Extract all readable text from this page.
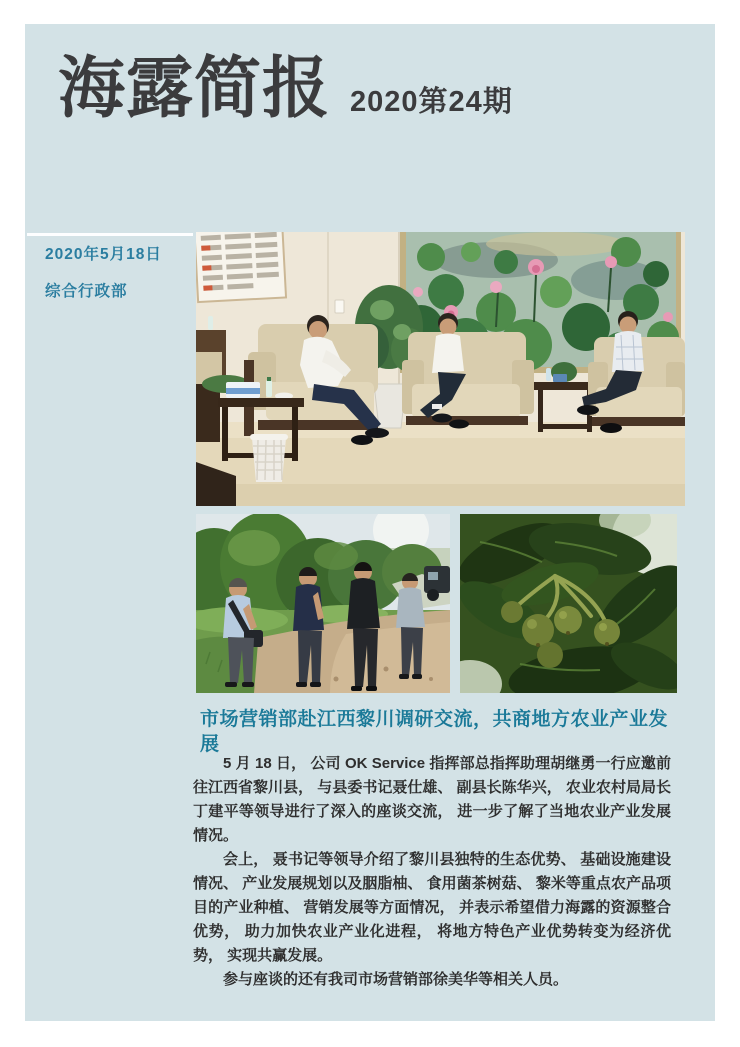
海露简报 2020第24期
2020年5月18日
综合行政部
市场营销部赴江西黎川调研交流，共商地方农业产业发展

5 月 18 日， 公司 OK Service 指挥部总指挥助理胡继勇一行应邀前往江西省黎川县， 与县委书记聂仕雄、 副县长陈华兴， 农业农村局局长丁建平等领导进行了深入的座谈交流， 进一步了解了当地农业产业发展情况。

会上， 聂书记等领导介绍了黎川县独特的生态优势、 基础设施建设情况、 产业发展规划以及胭脂柚、 食用菌茶树菇、 黎米等重点农产品项目的产业种植、 营销发展等方面情况， 并表示希望借力海露的资源整合优势， 助力加快农业产业化进程， 将地方特色产业优势转变为经济优势， 实现共赢发展。

参与座谈的还有我司市场营销部徐美华等相关人员。
